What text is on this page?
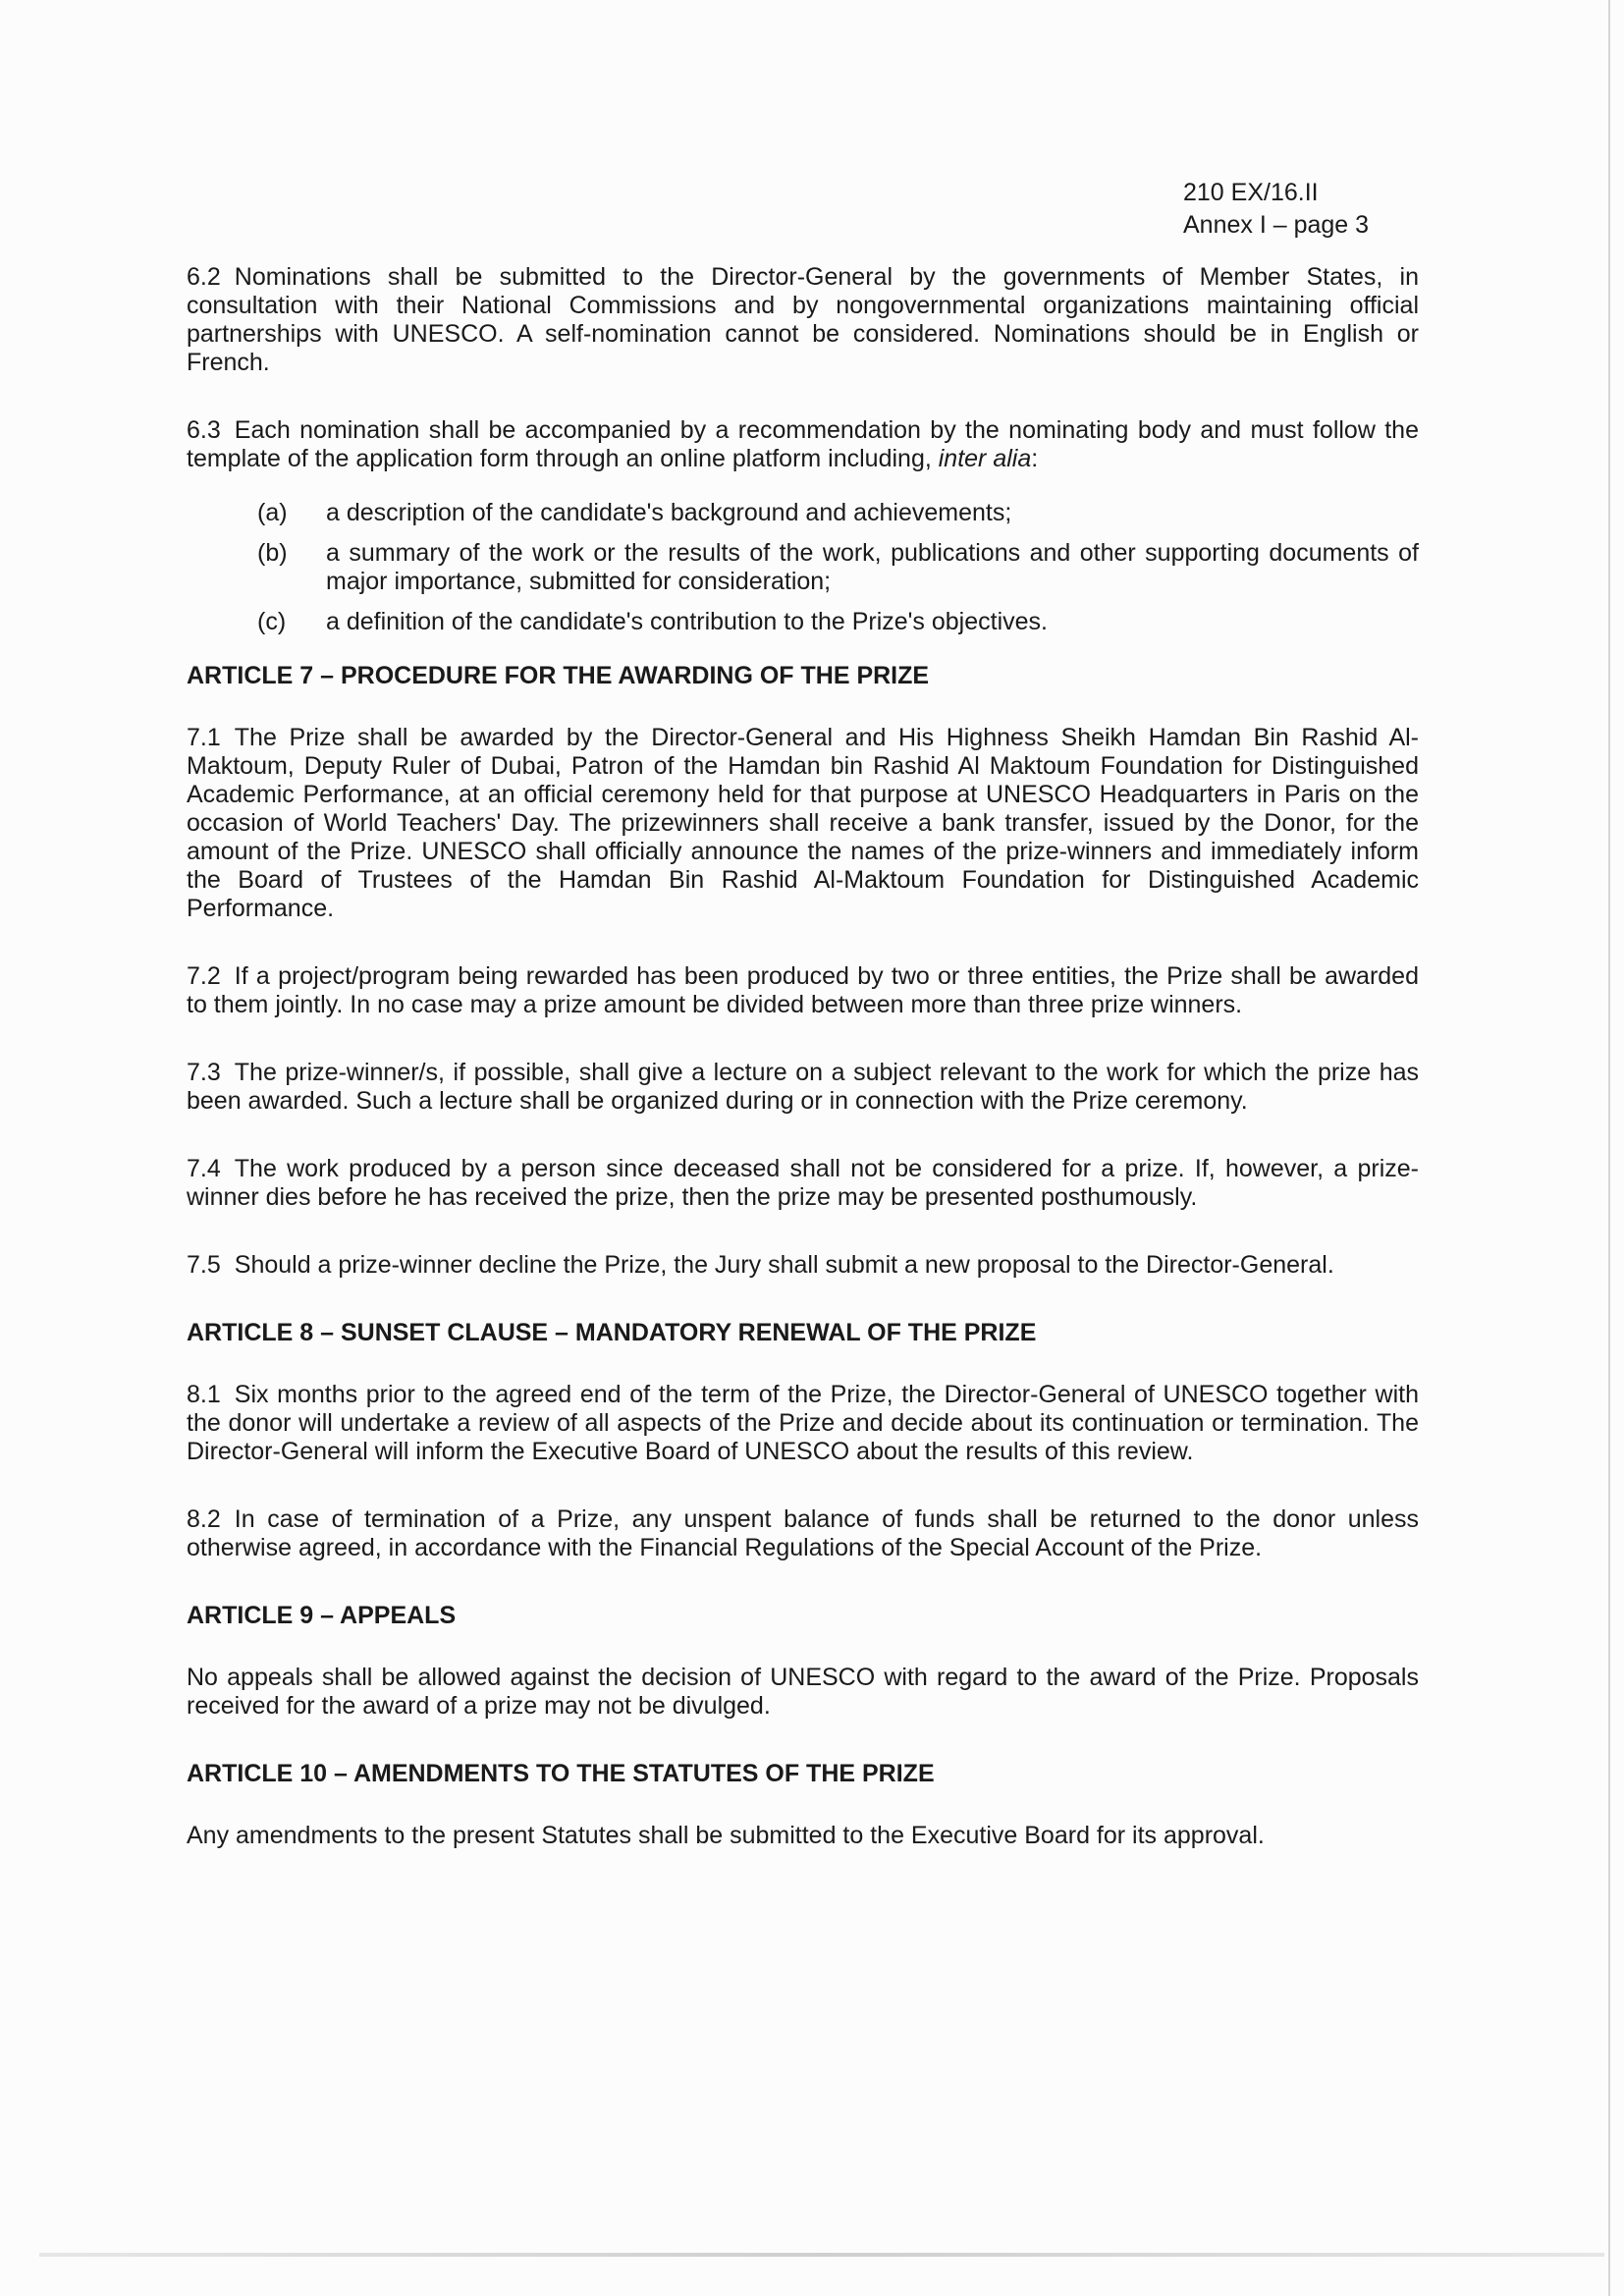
210 EX/16.II
Annex I – page 3

6.2 Nominations shall be submitted to the Director-General by the governments of Member States, in consultation with their National Commissions and by nongovernmental organizations maintaining official partnerships with UNESCO. A self-nomination cannot be considered. Nominations should be in English or French.

6.3 Each nomination shall be accompanied by a recommendation by the nominating body and must follow the template of the application form through an online platform including, inter alia:

(a)	a description of the candidate's background and achievements;
(b)	a summary of the work or the results of the work, publications and other supporting documents of major importance, submitted for consideration;
(c)	a definition of the candidate's contribution to the Prize's objectives.
ARTICLE 7 – PROCEDURE FOR THE AWARDING OF THE PRIZE

7.1 The Prize shall be awarded by the Director-General and His Highness Sheikh Hamdan Bin Rashid Al-Maktoum, Deputy Ruler of Dubai, Patron of the Hamdan bin Rashid Al Maktoum Foundation for Distinguished Academic Performance, at an official ceremony held for that purpose at UNESCO Headquarters in Paris on the occasion of World Teachers' Day. The prizewinners shall receive a bank transfer, issued by the Donor, for the amount of the Prize. UNESCO shall officially announce the names of the prize-winners and immediately inform the Board of Trustees of the Hamdan Bin Rashid Al-Maktoum Foundation for Distinguished Academic Performance.

7.2 If a project/program being rewarded has been produced by two or three entities, the Prize shall be awarded to them jointly. In no case may a prize amount be divided between more than three prize winners.

7.3 The prize-winner/s, if possible, shall give a lecture on a subject relevant to the work for which the prize has been awarded. Such a lecture shall be organized during or in connection with the Prize ceremony.

7.4 The work produced by a person since deceased shall not be considered for a prize. If, however, a prize-winner dies before he has received the prize, then the prize may be presented posthumously.

7.5 Should a prize-winner decline the Prize, the Jury shall submit a new proposal to the Director-General.

ARTICLE 8 – SUNSET CLAUSE – MANDATORY RENEWAL OF THE PRIZE

8.1 Six months prior to the agreed end of the term of the Prize, the Director-General of UNESCO together with the donor will undertake a review of all aspects of the Prize and decide about its continuation or termination. The Director-General will inform the Executive Board of UNESCO about the results of this review.

8.2 In case of termination of a Prize, any unspent balance of funds shall be returned to the donor unless otherwise agreed, in accordance with the Financial Regulations of the Special Account of the Prize.

ARTICLE 9 – APPEALS

No appeals shall be allowed against the decision of UNESCO with regard to the award of the Prize. Proposals received for the award of a prize may not be divulged.

ARTICLE 10 – AMENDMENTS TO THE STATUTES OF THE PRIZE

Any amendments to the present Statutes shall be submitted to the Executive Board for its approval.
